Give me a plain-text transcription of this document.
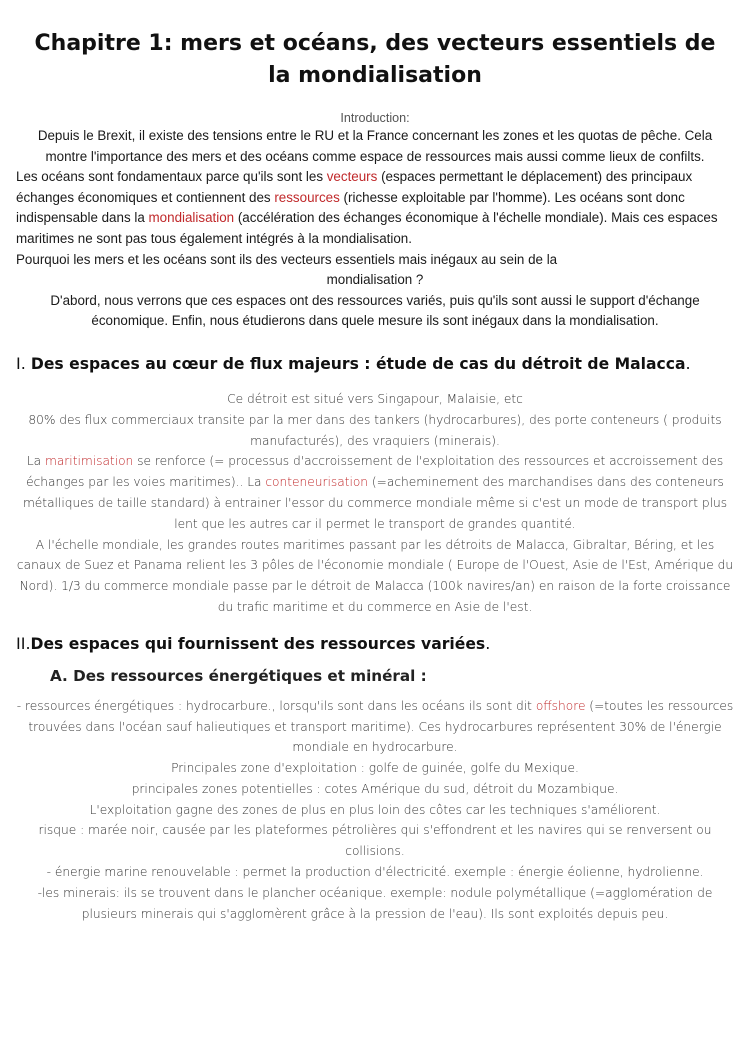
Chapitre 1: mers et océans, des vecteurs essentiels de la mondialisation
Introduction:
Depuis le Brexit, il existe des tensions entre le RU et la France concernant les zones et les quotas de pêche. Cela montre l'importance des mers et des océans comme espace de ressources mais aussi comme lieux de confilts.
Les océans sont fondamentaux parce qu'ils sont les vecteurs (espaces permettant le déplacement) des principaux échanges économiques et contiennent des ressources (richesse exploitable par l'homme). Les océans sont donc indispensable dans la mondialisation (accélération des échanges économique à l'échelle mondiale). Mais ces espaces maritimes ne sont pas tous également intégrés à la mondialisation.
Pourquoi les mers et les océans sont ils des vecteurs essentiels mais inégaux au sein de la
mondialisation ?
D'abord, nous verrons que ces espaces ont des ressources variés, puis qu'ils sont aussi le support d'échange économique. Enfin, nous étudierons dans quele mesure ils sont inégaux dans la mondialisation.
I. Des espaces au cœur de flux majeurs : étude de cas du détroit de Malacca.
Ce détroit est situé vers Singapour, Malaisie, etc
80% des flux commerciaux transite par la mer dans des tankers (hydrocarbures), des porte conteneurs ( produits manufacturés), des vraquiers (minerais).
La maritimisation se renforce (= processus d'accroissement de l'exploitation des ressources et accroissement des échanges par les voies maritimes).. La conteneurisation (=acheminement des marchandises dans des conteneurs métalliques de taille standard) à entrainer l'essor du commerce mondiale même si c'est un mode de transport plus lent que les autres car il permet le transport de grandes quantité.
A l'échelle mondiale, les grandes routes maritimes passant par les détroits de Malacca, Gibraltar, Béring, et les canaux de Suez et Panama relient les 3 pôles de l'économie mondiale ( Europe de l'Ouest, Asie de l'Est, Amérique du Nord). 1/3 du commerce mondiale passe par le détroit de Malacca (100k navires/an) en raison de la forte croissance du trafic maritime et du commerce en Asie de l'est.
II.Des espaces qui fournissent des ressources variées.
A. Des ressources énergétiques et minéral :
- ressources énergétiques : hydrocarbure., lorsqu'ils sont dans les océans ils sont dit offshore (=toutes les ressources trouvées dans l'océan sauf halieutiques et transport maritime). Ces hydrocarbures représentent 30% de l'énergie mondiale en hydrocarbure.
Principales zone d'exploitation : golfe de guinée, golfe du Mexique.
principales zones potentielles : cotes Amérique du sud, détroit du Mozambique.
L'exploitation gagne des zones de plus en plus loin des côtes car les techniques s'améliorent.
risque : marée noir, causée par les plateformes pétrolières qui s'effondrent et les navires qui se renversent ou collisions.
- énergie marine renouvelable : permet la production d'électricité. exemple : énergie éolienne, hydrolienne.
-les minerais: ils se trouvent dans le plancher océanique. exemple: nodule polymétallique (=agglomération de plusieurs minerais qui s'agglomèrent grâce à la pression de l'eau). Ils sont exploités depuis peu.
